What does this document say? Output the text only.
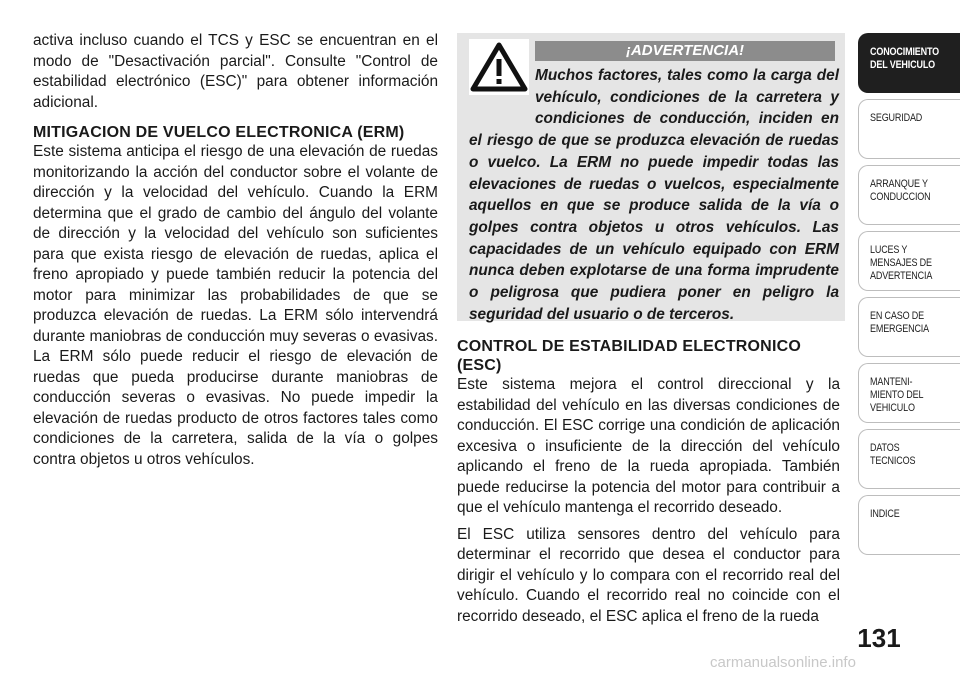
activa incluso cuando el TCS y ESC se encuentran en el modo de "Desactivación parcial". Consulte "Control de estabilidad electrónico (ESC)" para obtener información adicional.

MITIGACION DE VUELCO ELECTRONICA (ERM)

Este sistema anticipa el riesgo de una elevación de ruedas monitorizando la acción del conductor sobre el volante de dirección y la velocidad del vehículo. Cuando la ERM determina que el grado de cambio del ángulo del volante de dirección y la velocidad del vehículo son suficientes para que exista riesgo de elevación de ruedas, aplica el freno apropiado y puede también reducir la potencia del motor para minimizar las probabilidades de que se produzca elevación de ruedas. La ERM sólo intervendrá durante maniobras de conducción muy severas o evasivas. La ERM sólo puede reducir el riesgo de elevación de ruedas que pueda producirse durante maniobras de conducción severas o evasivas. No puede impedir la elevación de ruedas producto de otros factores tales como condiciones de la carretera, salida de la vía o golpes contra objetos u otros vehículos.

¡ADVERTENCIA!
Muchos factores, tales como la carga del vehículo, condiciones de la carretera y condiciones de conducción, inciden en el riesgo de que se produzca elevación de ruedas o vuelco. La ERM no puede impedir todas las elevaciones de ruedas o vuelcos, especialmente aquellos en que se produce salida de la vía o golpes contra objetos u otros vehículos. Las capacidades de un vehículo equipado con ERM nunca deben explotarse de una forma imprudente o peligrosa que pudiera poner en peligro la seguridad del usuario o de terceros.
CONTROL DE ESTABILIDAD ELECTRONICO (ESC)

Este sistema mejora el control direccional y la estabilidad del vehículo en las diversas condiciones de conducción. El ESC corrige una condición de aplicación excesiva o insuficiente de la dirección del vehículo aplicando el freno de la rueda apropiada. También puede reducirse la potencia del motor para contribuir a que el vehículo mantenga el recorrido deseado.

El ESC utiliza sensores dentro del vehículo para determinar el recorrido que desea el conductor para dirigir el vehículo y lo compara con el recorrido real del vehículo. Cuando el recorrido real no coincide con el recorrido deseado, el ESC aplica el freno de la rueda

CONOCIMIENTO
DEL VEHICULO
SEGURIDAD
ARRANQUE Y
CONDUCCION
LUCES Y
MENSAJES DE
ADVERTENCIA
EN CASO DE
EMERGENCIA
MANTENI-
MIENTO DEL
VEHICULO
DATOS
TECNICOS
INDICE
131
carmanualsonline.info
